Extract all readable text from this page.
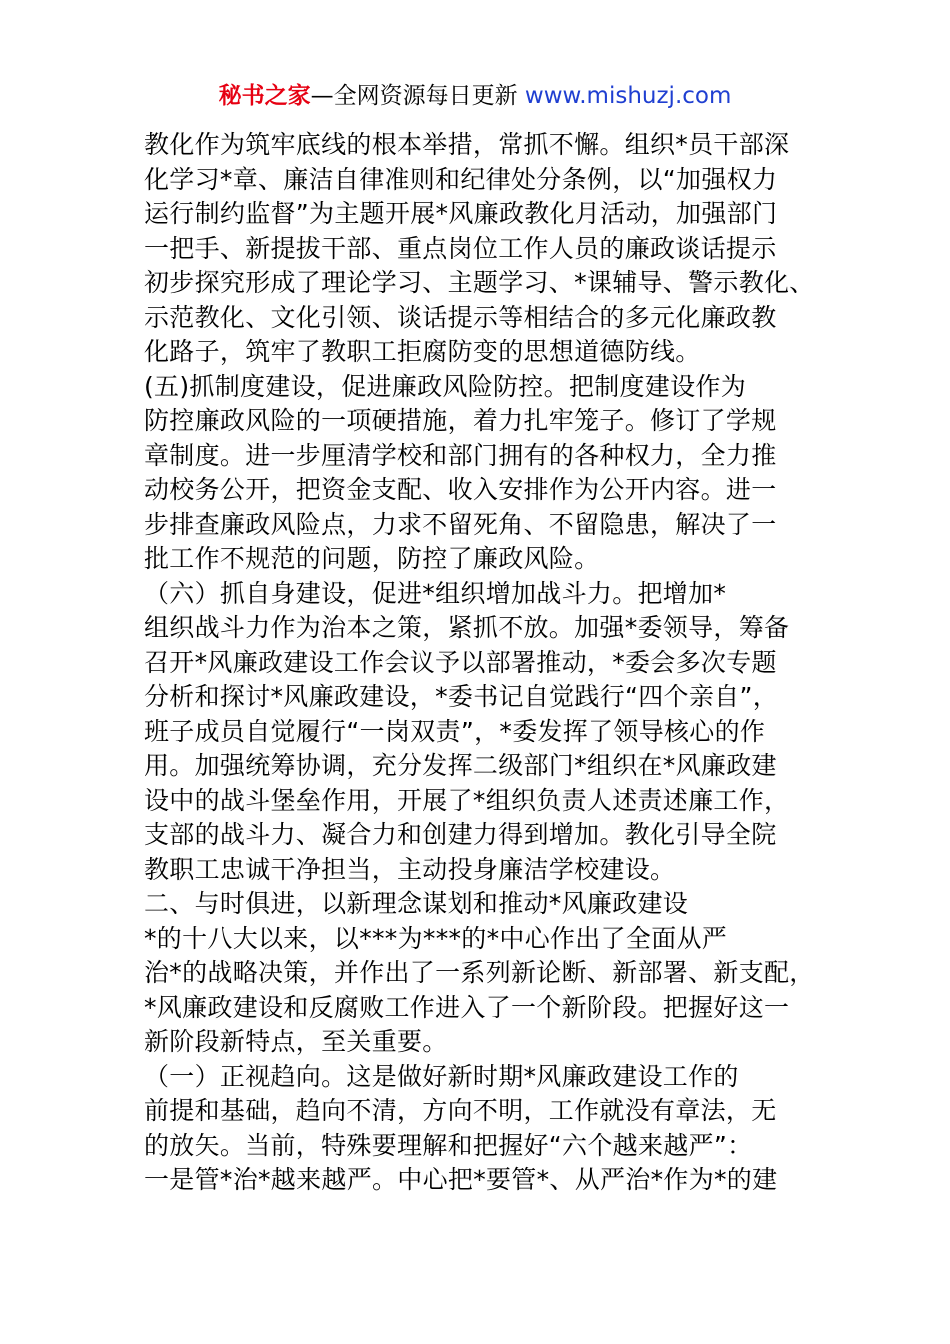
秘书之家—全网资源每日更新 www.mishuzj.com
教化作为筑牢底线的根本举措，常抓不懈。组织*员干部深
化学习*章、廉洁自律准则和纪律处分条例，以“加强权力
运行制约监督”为主题开展*风廉政教化月活动，加强部门
一把手、新提拔干部、重点岗位工作人员的廉政谈话提示
初步探究形成了理论学习、主题学习、*课辅导、警示教化、
示范教化、文化引领、谈话提示等相结合的多元化廉政教
化路子，筑牢了教职工拒腐防变的思想道德防线。
(五)抓制度建设，促进廉政风险防控。把制度建设作为
防控廉政风险的一项硬措施，着力扎牢笼子。修订了学规
章制度。进一步厘清学校和部门拥有的各种权力，全力推
动校务公开，把资金支配、收入安排作为公开内容。进一
步排查廉政风险点，力求不留死角、不留隐患，解决了一
批工作不规范的问题，防控了廉政风险。
（六）抓自身建设，促进*组织增加战斗力。把增加*
组织战斗力作为治本之策，紧抓不放。加强*委领导，筹备
召开*风廉政建设工作会议予以部署推动，*委会多次专题
分析和探讨*风廉政建设，*委书记自觉践行“四个亲自”，
班子成员自觉履行“一岗双责”，*委发挥了领导核心的作
用。加强统筹协调，充分发挥二级部门*组织在*风廉政建
设中的战斗堡垒作用，开展了*组织负责人述责述廉工作，
支部的战斗力、凝合力和创建力得到增加。教化引导全院
教职工忠诚干净担当，主动投身廉洁学校建设。
二、与时俱进，以新理念谋划和推动*风廉政建设
*的十八大以来，以***为***的*中心作出了全面从严
治*的战略决策，并作出了一系列新论断、新部署、新支配，
*风廉政建设和反腐败工作进入了一个新阶段。把握好这一
新阶段新特点，至关重要。
（一）正视趋向。这是做好新时期*风廉政建设工作的
前提和基础，趋向不清，方向不明，工作就没有章法，无
的放矢。当前，特殊要理解和把握好“六个越来越严”：
一是管*治*越来越严。中心把*要管*、从严治*作为*的建
